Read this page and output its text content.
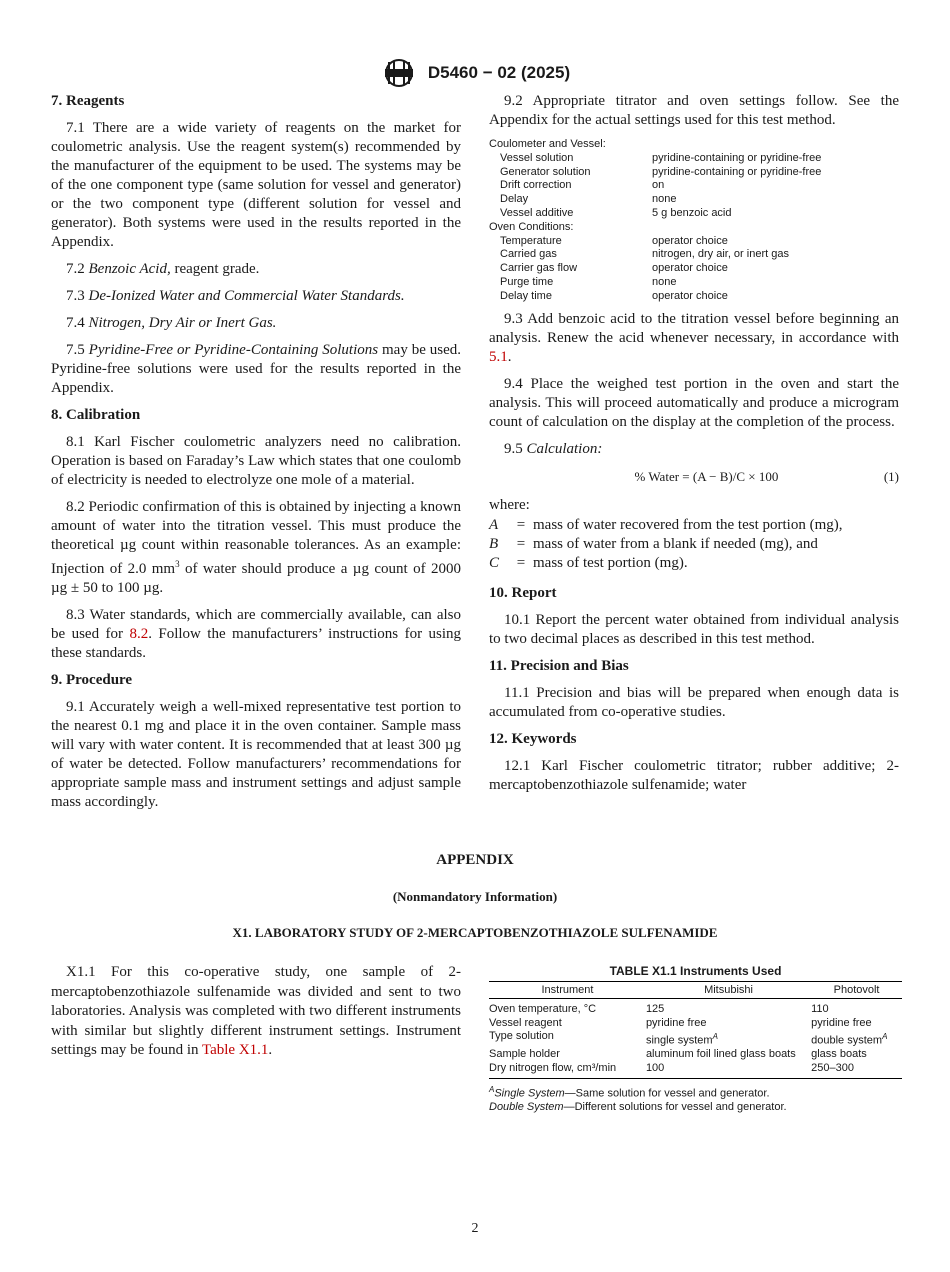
D5460 − 02 (2025)
7. Reagents

7.1 There are a wide variety of reagents on the market for coulometric analysis. Use the reagent system(s) recommended by the manufacturer of the equipment to be used. The systems may be of the one component type (same solution for vessel and generator) or the two component type (different solution for vessel and generator). Both systems were used in the results reported in the Appendix.

7.2 Benzoic Acid, reagent grade.

7.3 De-Ionized Water and Commercial Water Standards.

7.4 Nitrogen, Dry Air or Inert Gas.

7.5 Pyridine-Free or Pyridine-Containing Solutions may be used. Pyridine-free solutions were used for the results reported in the Appendix.

8. Calibration

8.1 Karl Fischer coulometric analyzers need no calibration. Operation is based on Faraday’s Law which states that one coulomb of electricity is needed to electrolyze one mole of a material.

8.2 Periodic confirmation of this is obtained by injecting a known amount of water into the titration vessel. This must produce the theoretical µg count within reasonable tolerances. As an example: Injection of 2.0 $mm^3$ of water should produce a µg count of 2000 µg ± 50 to 100 µg.

8.3 Water standards, which are commercially available, can also be used for 8.2. Follow the manufacturers’ instructions for using these standards.

9. Procedure

9.1 Accurately weigh a well-mixed representative test portion to the nearest 0.1 mg and place it in the oven container. Sample mass will vary with water content. It is recommended that at least 300 µg of water be detected. Follow manufacturers’ recommendations for appropriate sample mass and instrument settings and adjust sample mass accordingly.

9.2 Appropriate titrator and oven settings follow. See the Appendix for the actual settings used for this test method.

Coulometer and Vessel:
Vessel solution	pyridine-containing or pyridine-free
Generator solution	pyridine-containing or pyridine-free
Drift correction	on
Delay	none
Vessel additive	5 g benzoic acid
Oven Conditions:
Temperature	operator choice
Carried gas	nitrogen, dry air, or inert gas
Carrier gas flow	operator choice
Purge time	none
Delay time	operator choice

9.3 Add benzoic acid to the titration vessel before beginning an analysis. Renew the acid whenever necessary, in accordance with 5.1.

9.4 Place the weighed test portion in the oven and start the analysis. This will proceed automatically and produce a microgram count of calculation on the display at the completion of the process.

9.5 Calculation:

% Water = (A − B)/C × 100	(1)
where:
A	= mass of water recovered from the test portion (mg),
B	= mass of water from a blank if needed (mg), and
C	= mass of test portion (mg).
10. Report

10.1 Report the percent water obtained from individual analysis to two decimal places as described in this test method.

11. Precision and Bias

11.1 Precision and bias will be prepared when enough data is accumulated from co-operative studies.

12. Keywords

12.1 Karl Fischer coulometric titrator; rubber additive; 2-mercaptobenzothiazole sulfenamide; water

APPENDIX
(Nonmandatory Information)
X1. LABORATORY STUDY OF 2-MERCAPTOBENZOTHIAZOLE SULFENAMIDE

X1.1 For this co-operative study, one sample of 2-mercaptobenzothiazole sulfenamide was divided and sent to two laboratories. Analysis was completed with two different instruments with similar but slightly different instrument settings. Instrument settings may be found in Table X1.1.

TABLE X1.1 Instruments Used
Instrument	Mitsubishi	Photovolt
Oven temperature, °C	125	110
Vessel reagent	pyridine free	pyridine free
Type solution	single system$^A$	double system$^A$
Sample holder	aluminum foil lined glass boats	glass boats
Dry nitrogen flow, cm³/min	100	250–300
$^A$Single System—Same solution for vessel and generator.
Double System—Different solutions for vessel and generator.
2
